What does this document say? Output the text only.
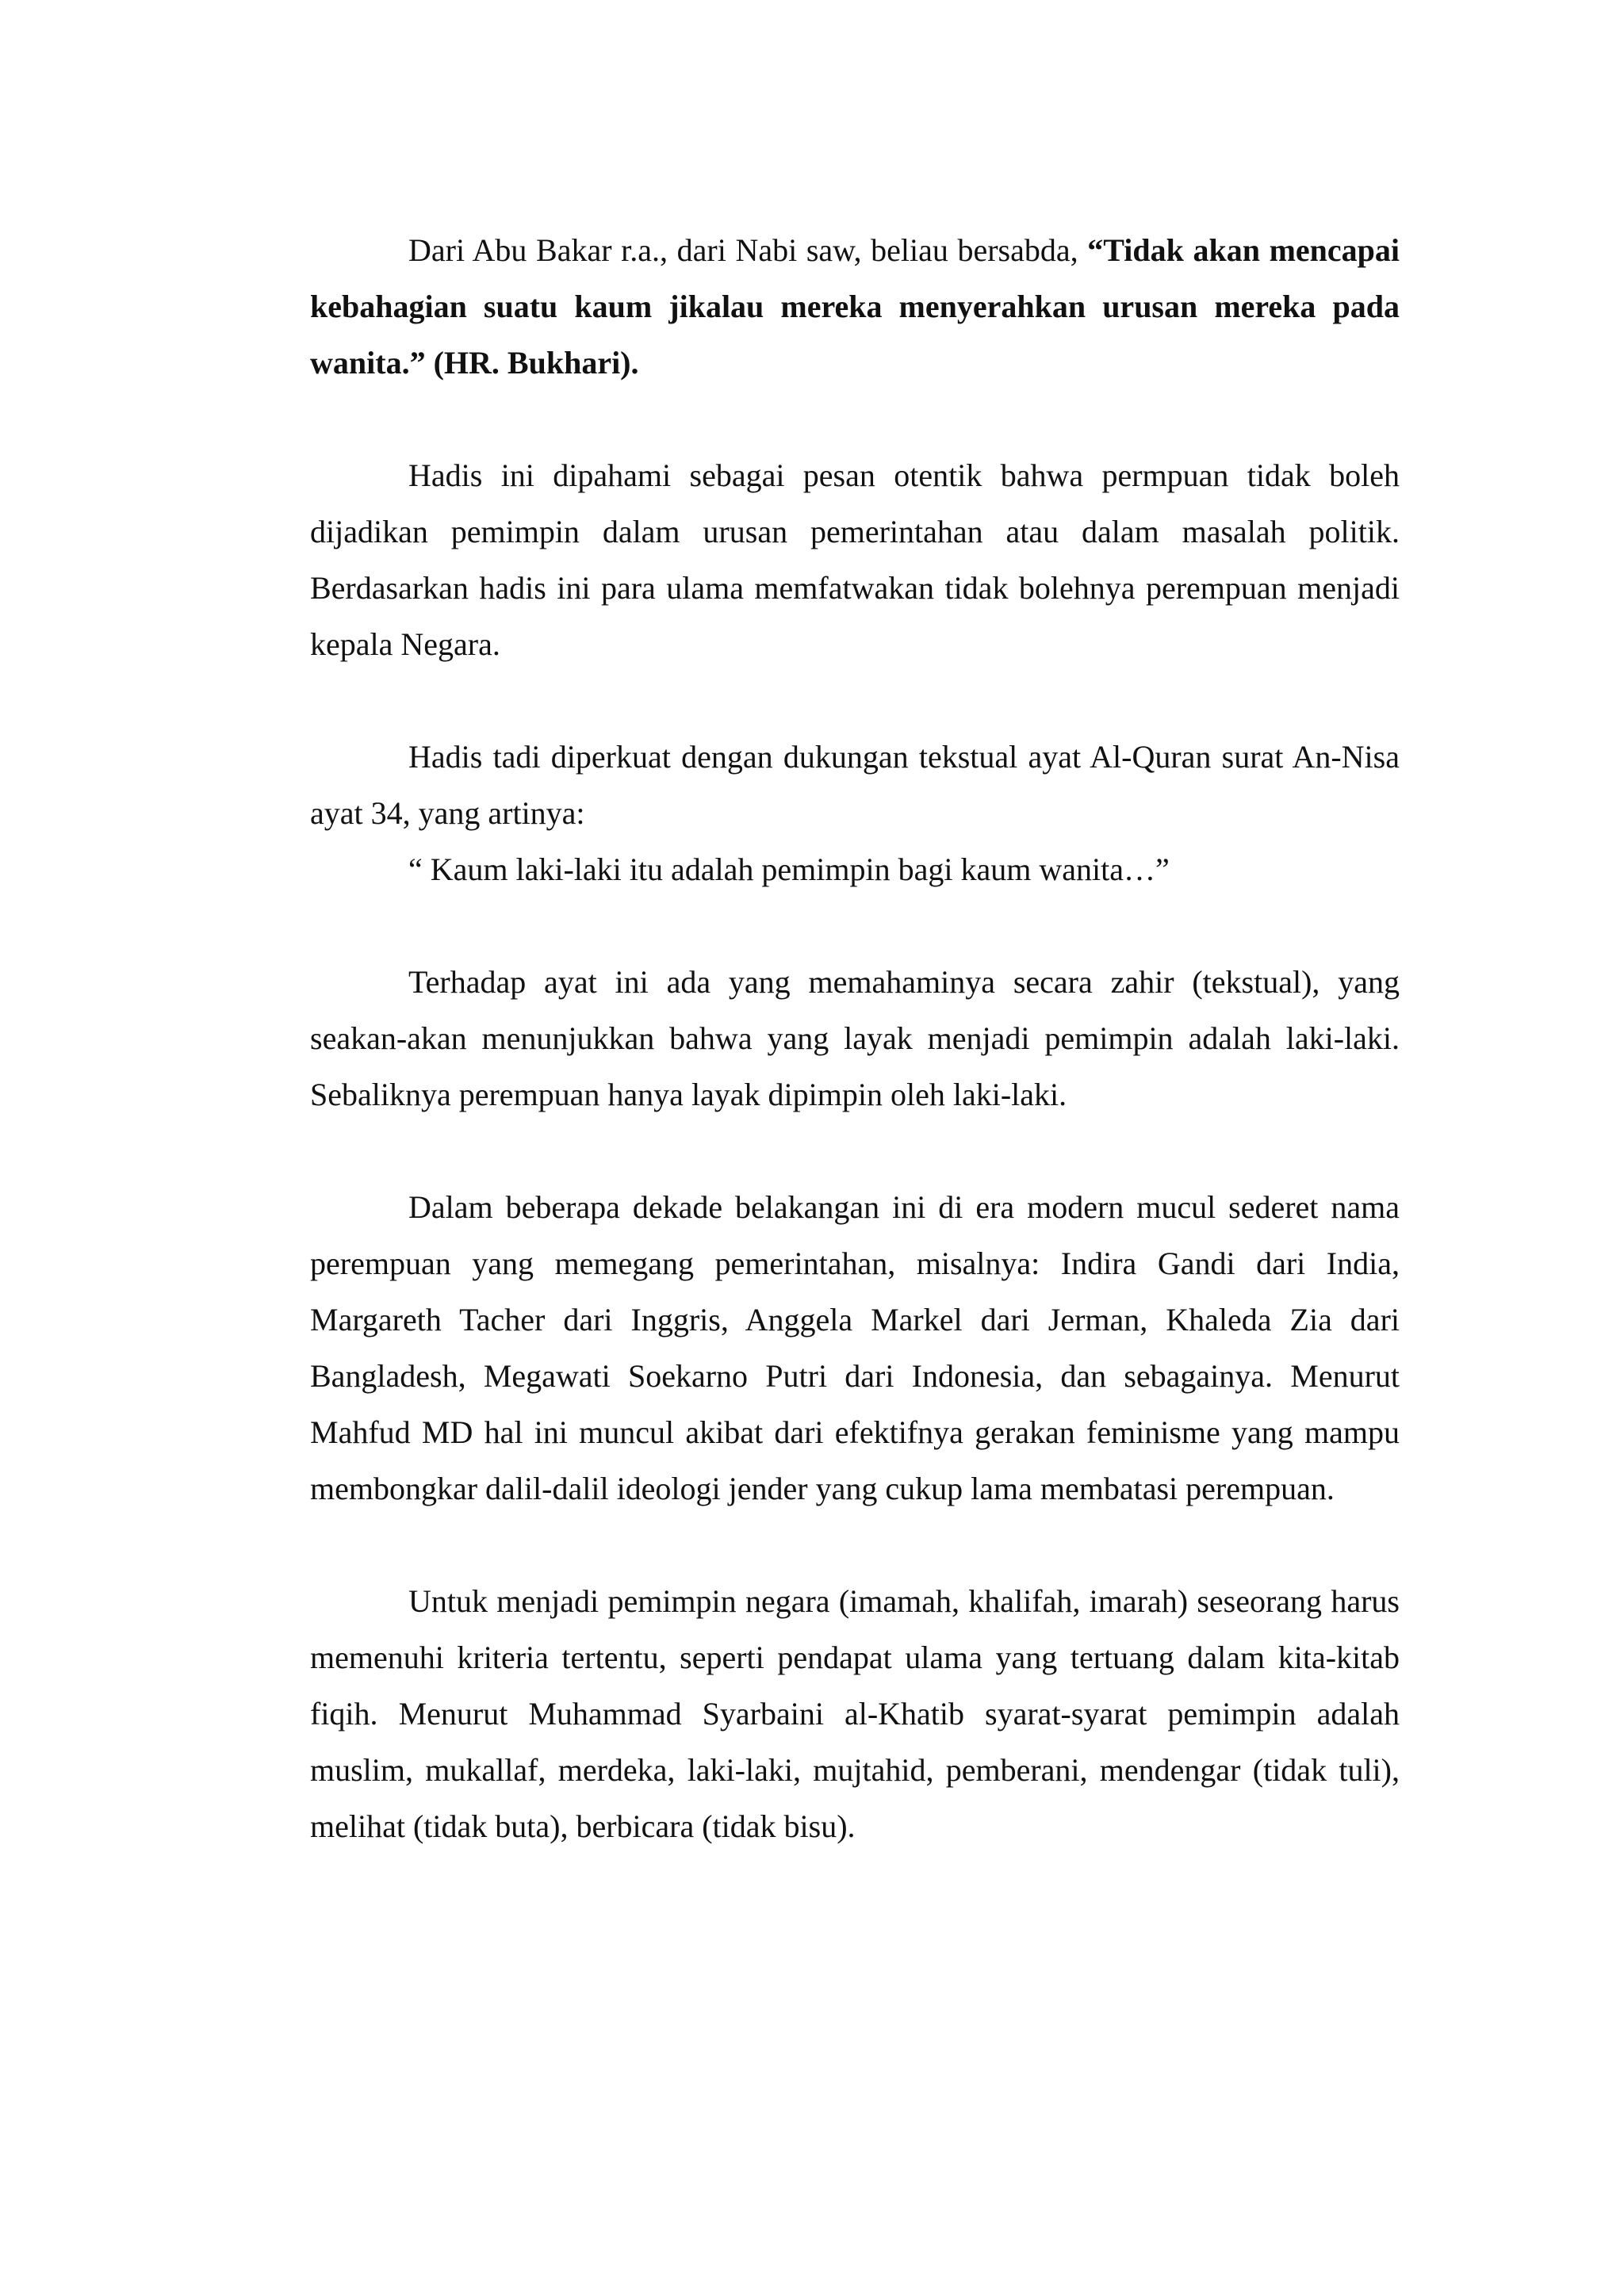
Dari Abu Bakar r.a., dari Nabi saw, beliau bersabda, “Tidak akan mencapai kebahagian suatu kaum jikalau mereka menyerahkan urusan mereka pada wanita.” (HR. Bukhari).

Hadis ini dipahami sebagai pesan otentik bahwa permpuan tidak boleh dijadikan pemimpin dalam urusan pemerintahan atau dalam masalah politik. Berdasarkan hadis ini para ulama memfatwakan tidak bolehnya perempuan menjadi kepala Negara.

Hadis tadi diperkuat dengan dukungan tekstual ayat Al-Quran surat An-Nisa ayat 34, yang artinya:

“ Kaum laki-laki itu adalah pemimpin bagi kaum wanita…”

Terhadap ayat ini ada yang memahaminya secara zahir (tekstual), yang seakan-akan menunjukkan bahwa yang layak menjadi pemimpin adalah laki-laki. Sebaliknya perempuan hanya layak dipimpin oleh laki-laki.

Dalam beberapa dekade belakangan ini di era modern mucul sederet nama perempuan yang memegang pemerintahan, misalnya: Indira Gandi dari India, Margareth Tacher dari Inggris, Anggela Markel dari Jerman, Khaleda Zia dari Bangladesh, Megawati Soekarno Putri dari Indonesia, dan sebagainya. Menurut Mahfud MD hal ini muncul akibat dari efektifnya gerakan feminisme yang mampu membongkar dalil-dalil ideologi jender yang cukup lama membatasi perempuan.

Untuk menjadi pemimpin negara (imamah, khalifah, imarah) seseorang harus memenuhi kriteria tertentu, seperti pendapat ulama yang tertuang dalam kita-kitab fiqih. Menurut Muhammad Syarbaini al-Khatib syarat-syarat pemimpin adalah muslim, mukallaf, merdeka, laki-laki, mujtahid, pemberani, mendengar (tidak tuli), melihat (tidak buta), berbicara (tidak bisu).
